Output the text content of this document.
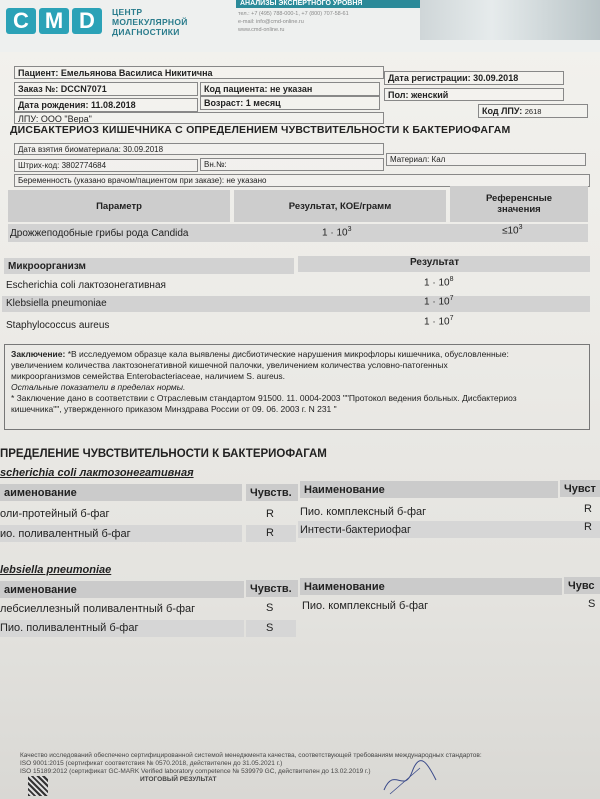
C M D	ЦЕНТР
МОЛЕКУЛЯРНОЙ
ДИАГНОСТИКИ
АНАЛИЗЫ ЭКСПЕРТНОГО УРОВНЯ
тел.: +7 (495) 788-000-1, +7 (800) 707-58-61
e-mail: info@cmd-online.ru
www.cmd-online.ru
Пациент: Емельянова Василиса Никитична
Заказ №: DCCN7071	Код пациента: не указан
Дата регистрации: 30.09.2018
Пол: женский
Дата рождения: 11.08.2018	Возраст: 1 месяц
Код ЛПУ: 2618
ЛПУ: ООО "Вера"
ДИСБАКТЕРИОЗ КИШЕЧНИКА С ОПРЕДЕЛЕНИЕМ ЧУВСТВИТЕЛЬНОСТИ К БАКТЕРИОФАГАМ
Дата взятия биоматериала: 30.09.2018
Штрих-код: 3802774684	Вн.№:
Материал: Кал
Беременность (указано врачом/пациентом при заказе): не указано
Параметр	Результат, КОЕ/грамм
Референсные
значения
Дрожжеподобные грибы рода Candida	$1 \cdot 10^3$	$\le 10^3$
Микроорганизм	Результат
Escherichia coli лактозонегативная	$1 \cdot 10^8$
Klebsiella pneumoniae	$1 \cdot 10^7$
Staphylococcus aureus	$1 \cdot 10^7$
Заключение: *В исследуемом образце кала выявлены дисбиотические нарушения микрофлоры кишечника, обусловленные:
увеличением количества лактозонегативной кишечной палочки, увеличением количества условно-патогенных
микроорганизмов семейства Enterobacteriaceae, наличием S. aureus.
Остальные показатели в пределах нормы.
* Заключение дано в соответствии с Отраслевым стандартом 91500. 11. 0004-2003 ""Протокол ведения больных. Дисбактериоз
кишечника"", утвержденного приказом Минздрава России от 09. 06. 2003 г. N 231 "
ПРЕДЕЛЕНИЕ ЧУВСТВИТЕЛЬНОСТИ К БАКТЕРИОФАГАМ
scherichia coli лактозонегативная
аименование	Чувств.	Наименование	Чувст
оли-протейный б-фаг	R Пио. комплексный б-фаг	R
ио. поливалентный б-фаг	R Интести-бактериофаг	R
lebsiella pneumoniae
аименование	Чувств.	Наименование	Чувс
лебсиеллезный поливалентный б-фаг	S	Пио. комплексный б-фаг	S
Пио. поливалентный б-фаг	S
Качество исследований обеспечено сертифицированной системой менеджмента качества, соответствующей требованиям международных стандартов:
ISO 9001:2015 (сертификат соответствия № 0570.2018, действителен до 31.05.2021 г.)
ISO 15189:2012 (сертификат GC-MARK Verified laboratory competence № 539979 GC, действителен до 13.02.2019 г.)
ИТОГОВЫЙ РЕЗУЛЬТАТ
